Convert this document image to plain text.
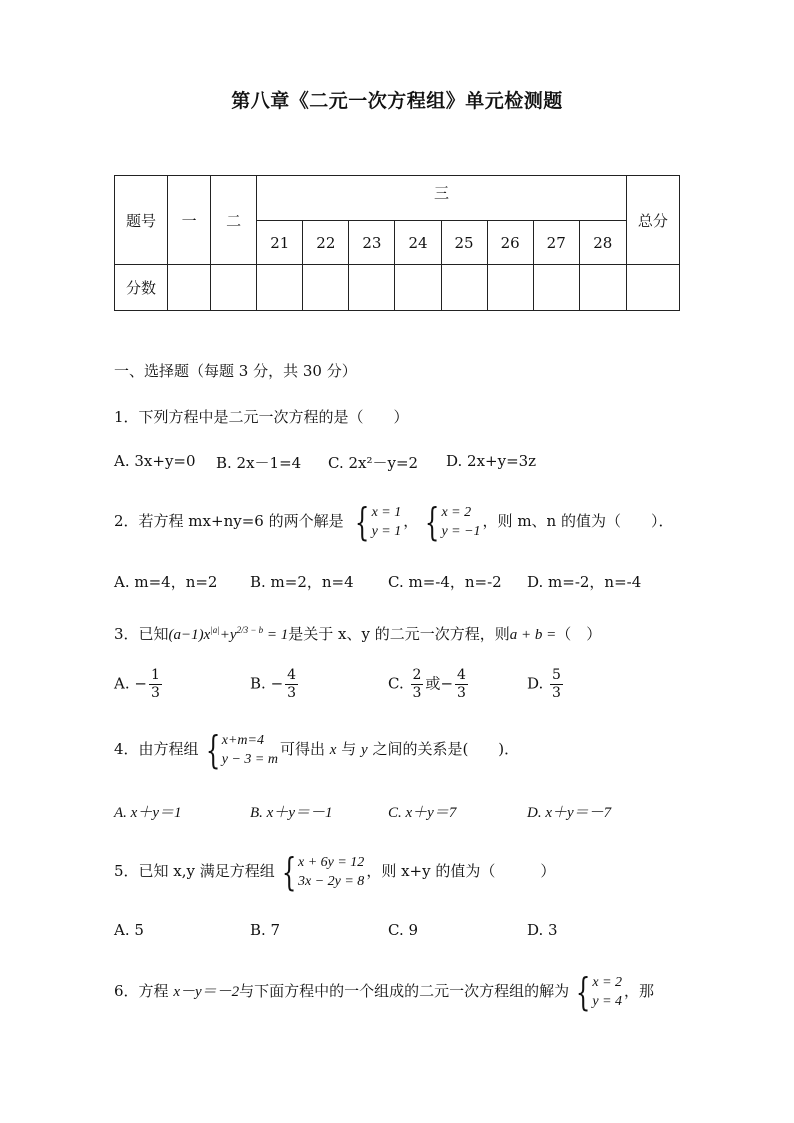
第八章《二元一次方程组》单元检测题
题号	一	二	三								总分
			21	22	23	24	25	26	27	28	
分数											
一、选择题（每题 3 分，共 30 分）
1．下列方程中是二元一次方程的是（　　）
A. 3x+y=0 B. 2x－1=4 C. 2x²－y=2 D. 2x+y=3z
2．若方程 mx+ny=6 的两个解是 { x = 1
y = 1
， { x = 2
y = −1
，则 m、n 的值为（　　）．
A. m=4，n=2 B. m=2，n=4 C. m=-4，n=-2 D. m=-2，n=-4
3．已知$(a-1)x^{|a|}+y^{2/3 - b} = 1$是关于 x、y 的二元一次方程，则a + b =（　）
A. − $\frac{1}{3}$	B. − $\frac{4}{3}$	C. $\frac{2}{3}$ 或− $\frac{4}{3}$	D. $\frac{5}{3}$
4．由方程组 { x+m=4
y − 3 = m
可得出 x 与 y 之间的关系是(　　)．
A. x＋y＝1	B. x＋y＝－1	C. x＋y＝7	D. x＋y＝－7
5．已知 x,y 满足方程组 { x + 6y = 12
3x − 2y = 8
，则 x+y 的值为（　　　）
A. 5	B. 7	C. 9	D. 3
6．方程 x－y＝－2与下面方程中的一个组成的二元一次方程组的解为 { x = 2
y = 4
，那
